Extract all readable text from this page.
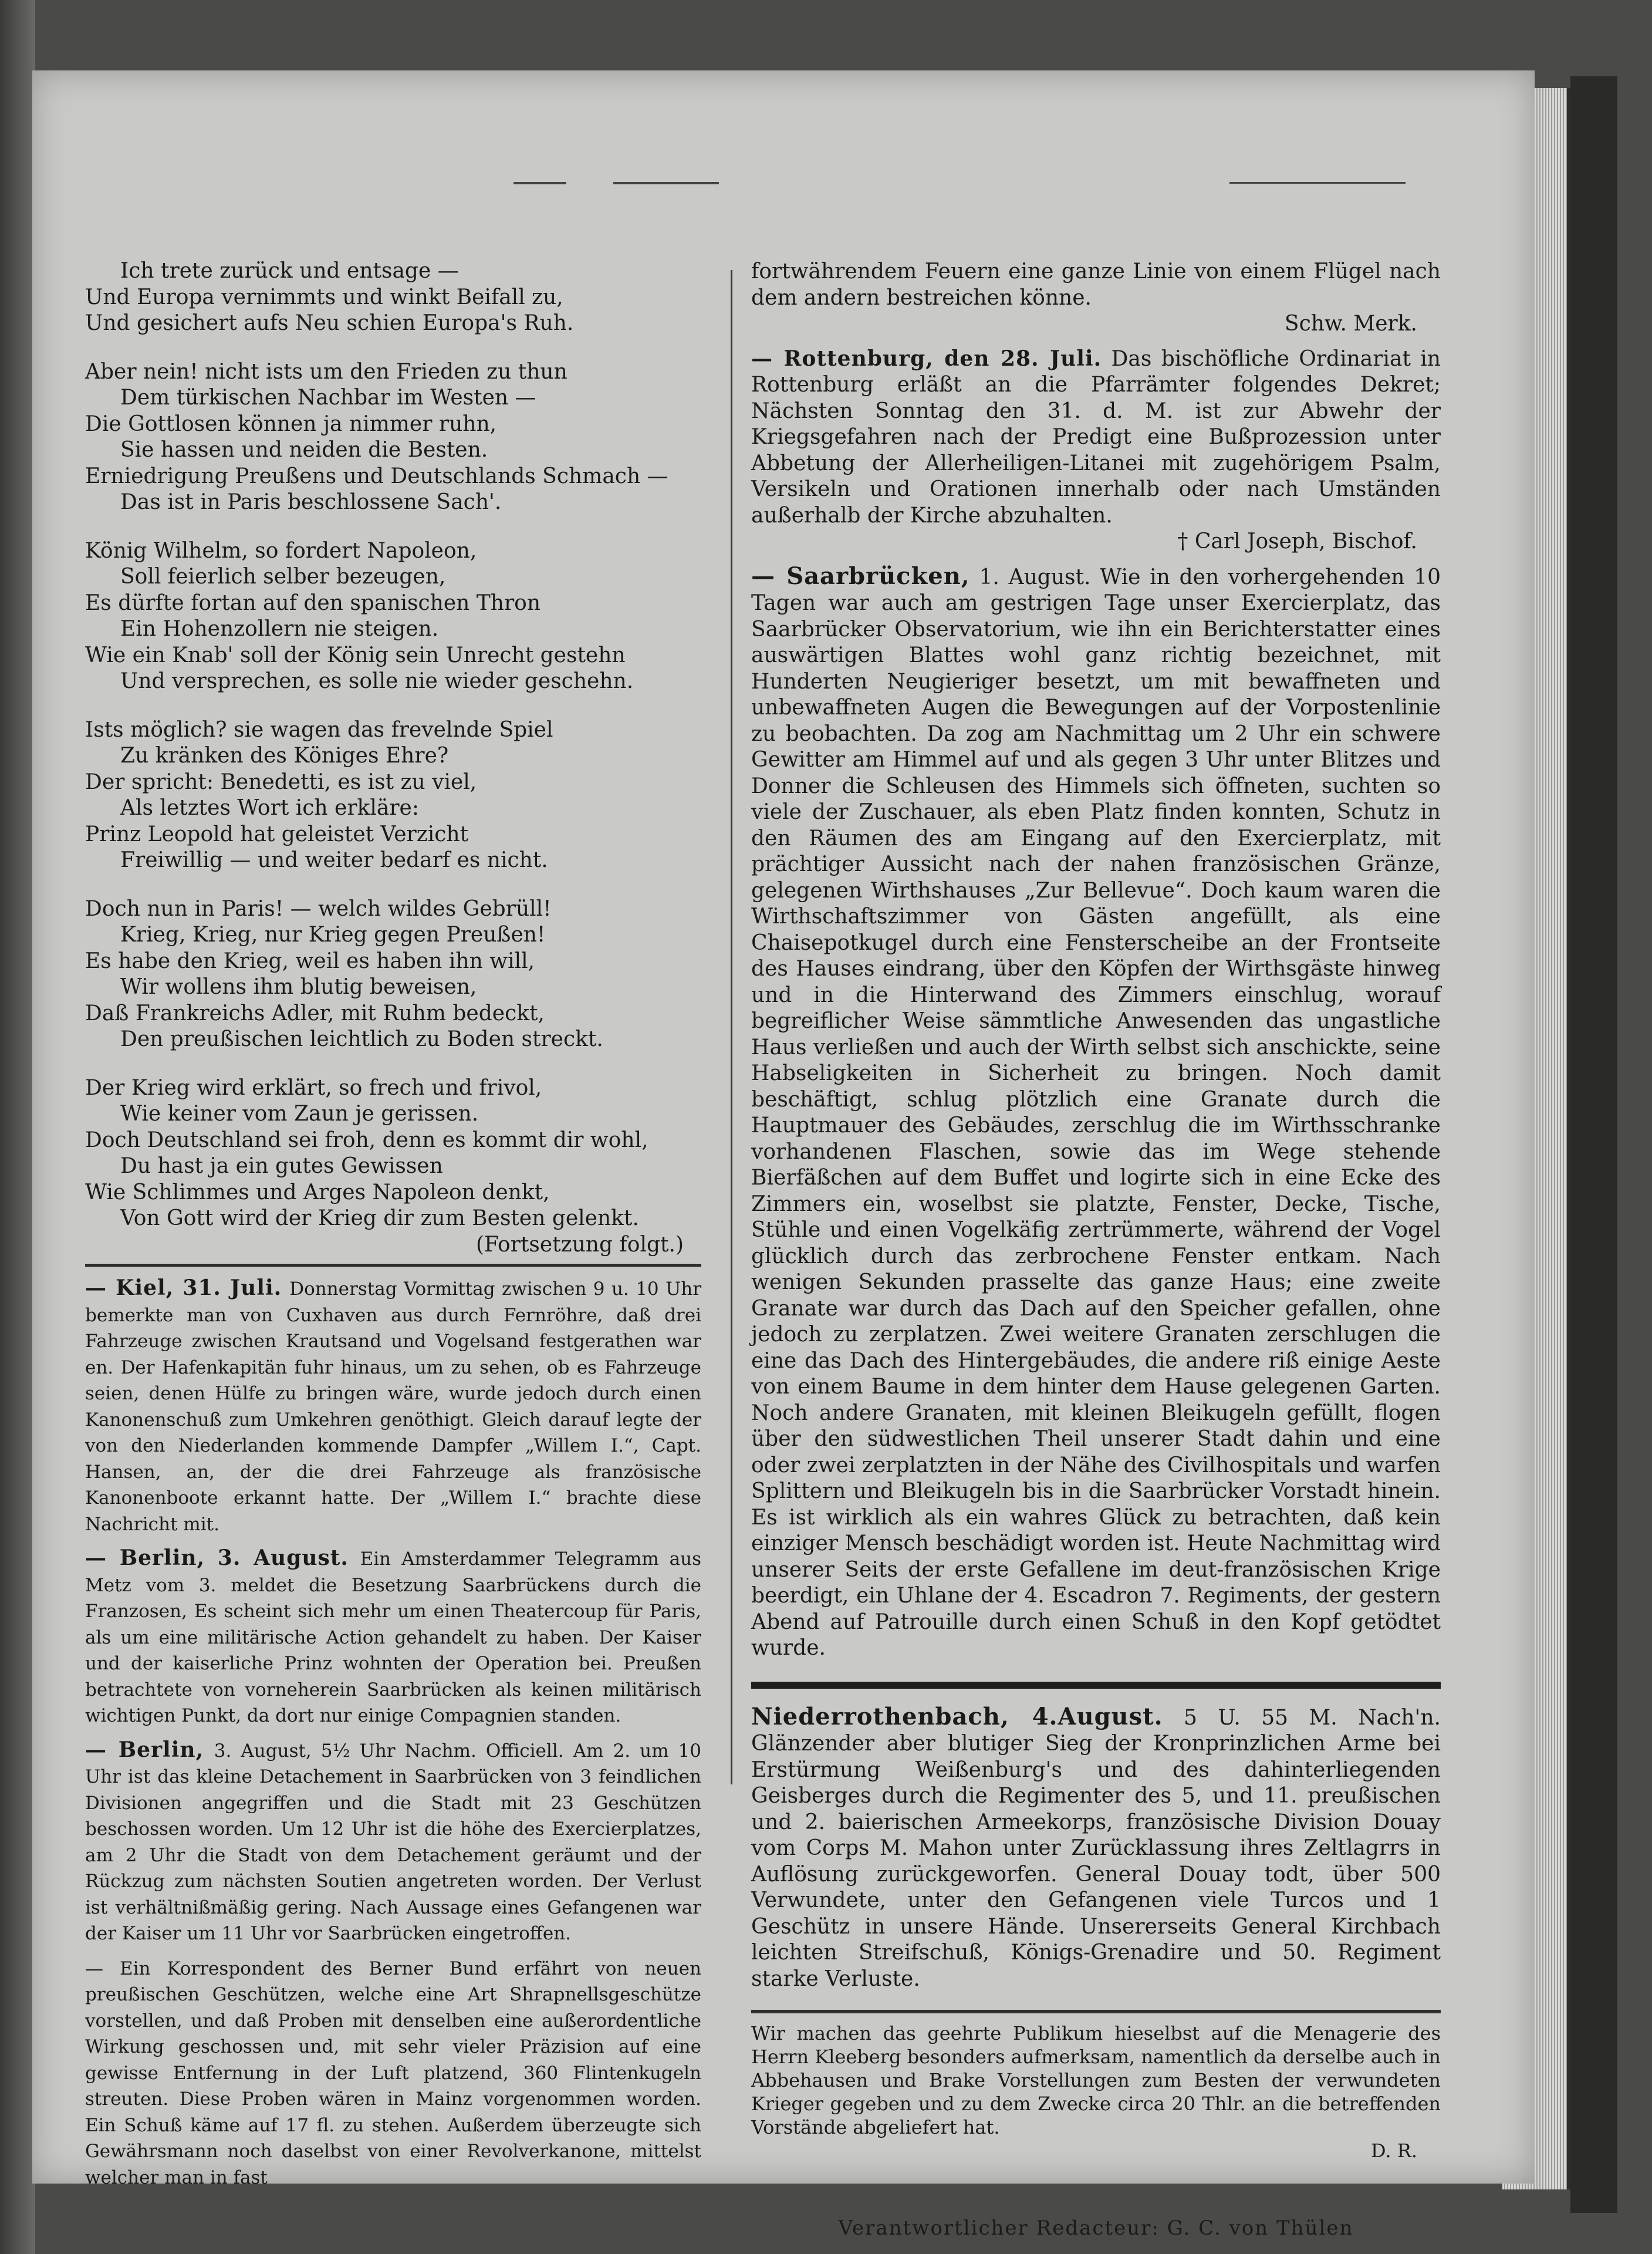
Ich trete zurück und entsage —
Und Europa vernimmts und winkt Beifall zu,
Und gesichert aufs Neu schien Europa's Ruh.
Aber nein! nicht ists um den Frieden zu thun
Dem türkischen Nachbar im Westen —
Die Gottlosen können ja nimmer ruhn,
Sie hassen und neiden die Besten.
Erniedrigung Preußens und Deutschlands Schmach —
Das ist in Paris beschlossene Sach'.
König Wilhelm, so fordert Napoleon,
Soll feierlich selber bezeugen,
Es dürfte fortan auf den spanischen Thron
Ein Hohenzollern nie steigen.
Wie ein Knab' soll der König sein Unrecht gestehn
Und versprechen, es solle nie wieder geschehn.
Ists möglich? sie wagen das frevelnde Spiel
Zu kränken des Königes Ehre?
Der spricht: Benedetti, es ist zu viel,
Als letztes Wort ich erkläre:
Prinz Leopold hat geleistet Verzicht
Freiwillig — und weiter bedarf es nicht.
Doch nun in Paris! — welch wildes Gebrüll!
Krieg, Krieg, nur Krieg gegen Preußen!
Es habe den Krieg, weil es haben ihn will,
Wir wollens ihm blutig beweisen,
Daß Frankreichs Adler, mit Ruhm bedeckt,
Den preußischen leichtlich zu Boden streckt.
Der Krieg wird erklärt, so frech und frivol,
Wie keiner vom Zaun je gerissen.
Doch Deutschland sei froh, denn es kommt dir wohl,
Du hast ja ein gutes Gewissen
Wie Schlimmes und Arges Napoleon denkt,
Von Gott wird der Krieg dir zum Besten gelenkt.
(Fortsetzung folgt.)
— Kiel, 31. Juli. Donnerstag Vormittag zwischen 9 u. 10 Uhr bemerkte man von Cuxhaven aus durch Fernröhre, daß drei Fahrzeuge zwischen Krautsand und Vogelsand festgerathen war en. Der Hafenkapitän fuhr hinaus, um zu sehen, ob es Fahrzeuge seien, denen Hülfe zu bringen wäre, wurde jedoch durch einen Kanonenschuß zum Umkehren genöthigt. Gleich darauf legte der von den Niederlanden kommende Dampfer „Willem I.“, Capt. Hansen, an, der die drei Fahrzeuge als französische Kanonenboote erkannt hatte. Der „Willem I.“ brachte diese Nachricht mit.
— Berlin, 3. August. Ein Amsterdammer Telegramm aus Metz vom 3. meldet die Besetzung Saarbrückens durch die Franzosen, Es scheint sich mehr um einen Theatercoup für Paris, als um eine militärische Action gehandelt zu haben. Der Kaiser und der kaiserliche Prinz wohnten der Operation bei. Preußen betrachtete von vorneherein Saarbrücken als keinen militärisch wichtigen Punkt, da dort nur einige Compagnien standen.
— Berlin, 3. August, 5½ Uhr Nachm. Officiell. Am 2. um 10 Uhr ist das kleine Detachement in Saarbrücken von 3 feindlichen Divisionen angegriffen und die Stadt mit 23 Geschützen beschossen worden. Um 12 Uhr ist die höhe des Exercierplatzes, am 2 Uhr die Stadt von dem Detachement geräumt und der Rückzug zum nächsten Soutien angetreten worden. Der Verlust ist verhältnißmäßig gering. Nach Aussage eines Gefangenen war der Kaiser um 11 Uhr vor Saarbrücken eingetroffen.
— Ein Korrespondent des Berner Bund erfährt von neuen preußischen Geschützen, welche eine Art Shrapnellsgeschütze vorstellen, und daß Proben mit denselben eine außerordentliche Wirkung geschossen und, mit sehr vieler Präzision auf eine gewisse Entfernung in der Luft platzend, 360 Flintenkugeln streuten. Diese Proben wären in Mainz vorgenommen worden. Ein Schuß käme auf 17 fl. zu stehen. Außerdem überzeugte sich Gewährsmann noch daselbst von einer Revolverkanone, mittelst welcher man in fast
fortwährendem Feuern eine ganze Linie von einem Flügel nach dem andern bestreichen könne.
Schw. Merk.
— Rottenburg, den 28. Juli. Das bischöfliche Ordinariat in Rottenburg erläßt an die Pfarrämter folgendes Dekret; Nächsten Sonntag den 31. d. M. ist zur Abwehr der Kriegsgefahren nach der Predigt eine Bußprozession unter Abbetung der Allerheiligen-Litanei mit zugehörigem Psalm, Versikeln und Orationen innerhalb oder nach Umständen außerhalb der Kirche abzuhalten.
† Carl Joseph, Bischof.
— Saarbrücken, 1. August. Wie in den vorhergehenden 10 Tagen war auch am gestrigen Tage unser Exercierplatz, das Saarbrücker Observatorium, wie ihn ein Berichterstatter eines auswärtigen Blattes wohl ganz richtig bezeichnet, mit Hunderten Neugieriger besetzt, um mit bewaffneten und unbewaffneten Augen die Bewegungen auf der Vorpostenlinie zu beobachten. Da zog am Nachmittag um 2 Uhr ein schwere Gewitter am Himmel auf und als gegen 3 Uhr unter Blitzes und Donner die Schleusen des Himmels sich öffneten, suchten so viele der Zuschauer, als eben Platz finden konnten, Schutz in den Räumen des am Eingang auf den Exercierplatz, mit prächtiger Aussicht nach der nahen französischen Gränze, gelegenen Wirthshauses „Zur Bellevue“. Doch kaum waren die Wirthschaftszimmer von Gästen angefüllt, als eine Chaisepotkugel durch eine Fensterscheibe an der Frontseite des Hauses eindrang, über den Köpfen der Wirthsgäste hinweg und in die Hinterwand des Zimmers einschlug, worauf begreiflicher Weise sämmtliche Anwesenden das ungastliche Haus verließen und auch der Wirth selbst sich anschickte, seine Habseligkeiten in Sicherheit zu bringen. Noch damit beschäftigt, schlug plötzlich eine Granate durch die Hauptmauer des Gebäudes, zerschlug die im Wirthsschranke vorhandenen Flaschen, sowie das im Wege stehende Bierfäßchen auf dem Buffet und logirte sich in eine Ecke des Zimmers ein, woselbst sie platzte, Fenster, Decke, Tische, Stühle und einen Vogelkäfig zertrümmerte, während der Vogel glücklich durch das zerbrochene Fenster entkam. Nach wenigen Sekunden prasselte das ganze Haus; eine zweite Granate war durch das Dach auf den Speicher gefallen, ohne jedoch zu zerplatzen. Zwei weitere Granaten zerschlugen die eine das Dach des Hintergebäudes, die andere riß einige Aeste von einem Baume in dem hinter dem Hause gelegenen Garten. Noch andere Granaten, mit kleinen Bleikugeln gefüllt, flogen über den südwestlichen Theil unserer Stadt dahin und eine oder zwei zerplatzten in der Nähe des Civilhospitals und warfen Splittern und Bleikugeln bis in die Saarbrücker Vorstadt hinein. Es ist wirklich als ein wahres Glück zu betrachten, daß kein einziger Mensch beschädigt worden ist. Heute Nachmittag wird unserer Seits der erste Gefallene im deut-französischen Krige beerdigt, ein Uhlane der 4. Escadron 7. Regiments, der gestern Abend auf Patrouille durch einen Schuß in den Kopf getödtet wurde.
Niederrothenbach, 4.August. 5 U. 55 M. Nach'n. Glänzender aber blutiger Sieg der Kronprinzlichen Arme bei Erstürmung Weißenburg's und des dahinterliegenden Geisberges durch die Regimenter des 5, und 11. preußischen und 2. baierischen Armeekorps, französische Division Douay vom Corps M. Mahon unter Zurücklassung ihres Zeltlagrrs in Auflösung zurückgeworfen. General Douay todt, über 500 Verwundete, unter den Gefangenen viele Turcos und 1 Geschütz in unsere Hände. Unsererseits General Kirchbach leichten Streifschuß, Königs-Grenadire und 50. Regiment starke Verluste.
Wir machen das geehrte Publikum hieselbst auf die Menagerie des Herrn Kleeberg besonders aufmerksam, namentlich da derselbe auch in Abbehausen und Brake Vorstellungen zum Besten der verwundeten Krieger gegeben und zu dem Zwecke circa 20 Thlr. an die betreffenden Vorstände abgeliefert hat.
D. R.
Verantwortlicher Redacteur: G. C. von Thülen
